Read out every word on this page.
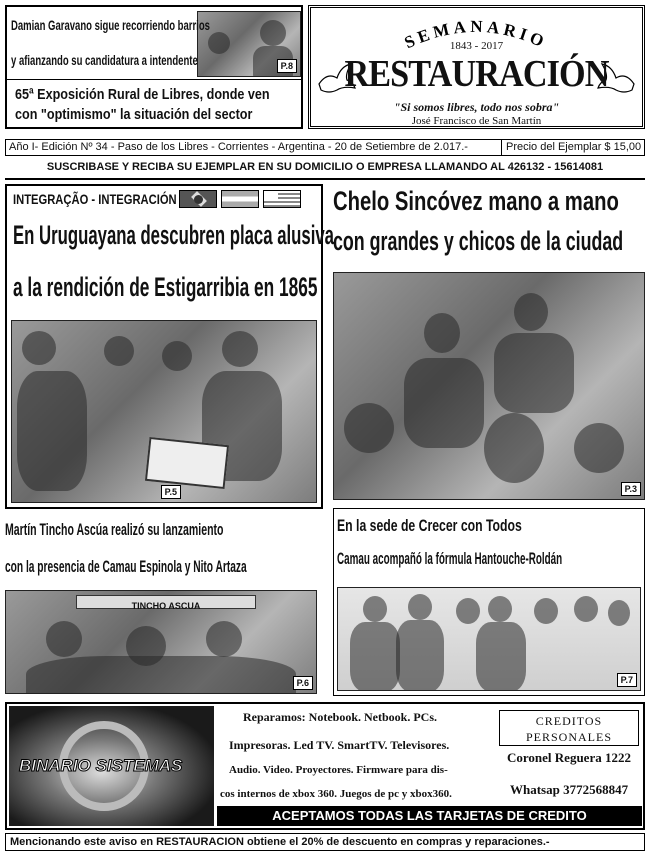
P.8
Damian Garavano sigue recorriendo barrios
y afianzando su candidatura a intendente
65ª Exposición Rural de Libres, donde ven
con "optimismo" la situación del sector
SEMANARIO
1843 - 2017
RESTAURACIÓN
"Si somos libres, todo nos sobra"
José Francisco de San Martín
Año I- Edición Nº 34 - Paso de los Libres - Corrientes - Argentina - 20 de Setiembre de 2.017.-	Precio del Ejemplar $ 15,00
SUSCRIBASE Y RECIBA SU EJEMPLAR EN SU DOMICILIO O EMPRESA LLAMANDO AL 426132 - 15614081
INTEGRAÇÃO - INTEGRACIÓN
En Uruguayana descubren placa alusiva
a la rendición de Estigarribia en 1865
P.5
Chelo Sincóvez mano a mano
con grandes y chicos de la ciudad
P.3
Martín Tincho Ascúa realizó su lanzamiento
con la presencia de Camau Espinola y Nito Artaza
TINCHO ASCUA
P.6
En la sede de Crecer con Todos
Camau acompañó la fórmula Hantouche-Roldán
P.7
BINARIO SISTEMAS
Reparamos: Notebook. Netbook. PCs.
Impresoras. Led TV. SmartTV. Televisores.
Audio. Video. Proyectores. Firmware para dis-
cos internos de xbox 360. Juegos de pc y xbox360.
CREDITOS PERSONALES
Coronel Reguera 1222
Whatsap 3772568847
ACEPTAMOS TODAS LAS TARJETAS DE CREDITO
Mencionando este aviso en RESTAURACION obtiene el 20% de descuento en compras y reparaciones.-
